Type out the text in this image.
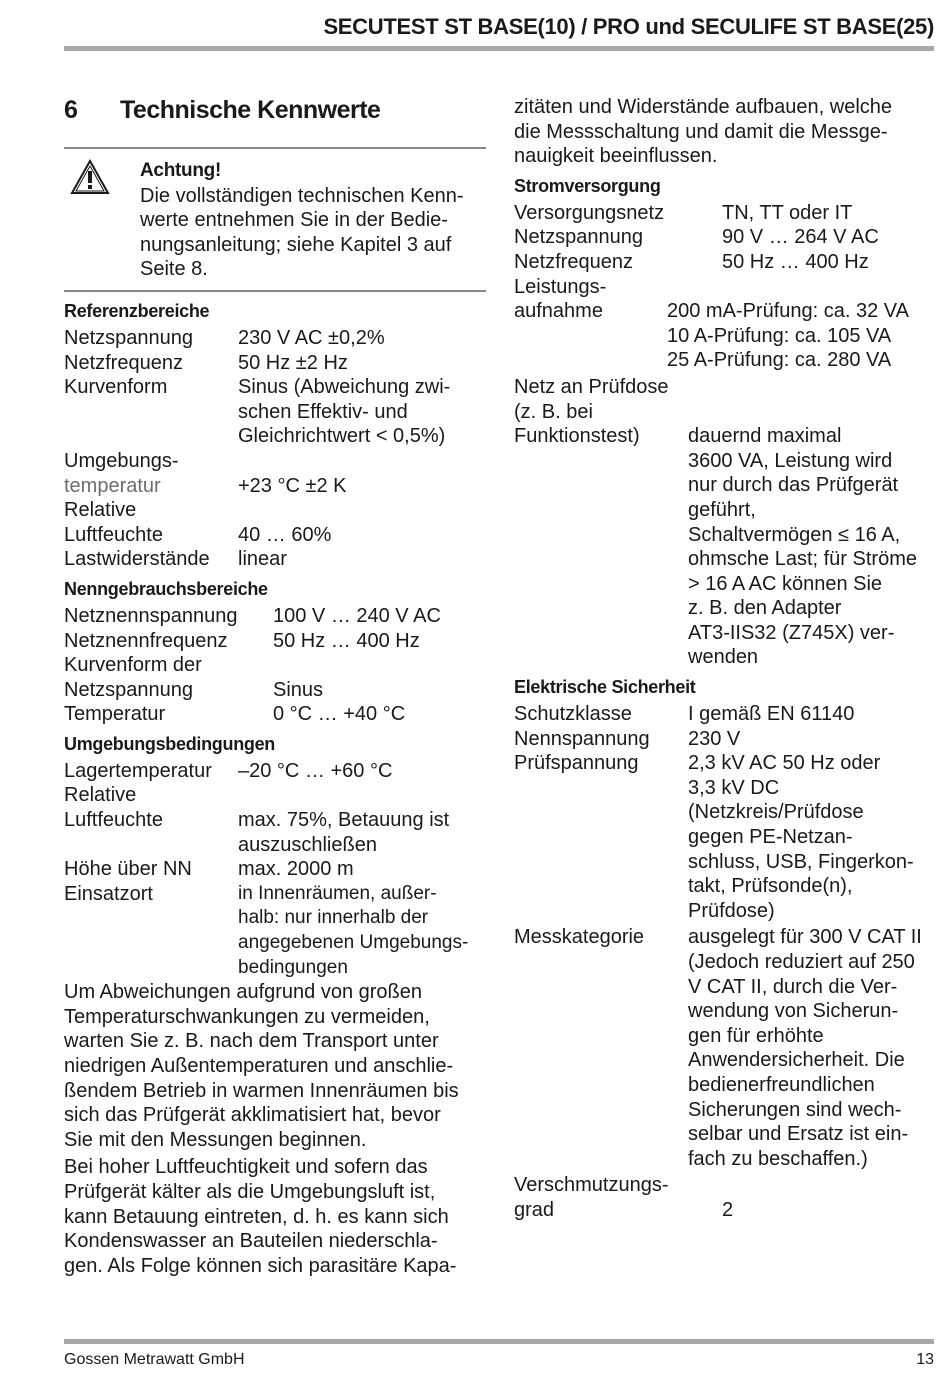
SECUTEST ST BASE(10) / PRO und SECULIFE ST BASE(25)
6	Technische Kennwerte
Achtung!
Die vollständigen technischen Kenn-
werte entnehmen Sie in der Bedie-
nungsanleitung; siehe Kapitel 3 auf
Seite 8.
Referenzbereiche
Netzspannung	230 V AC ±0,2%
Netzfrequenz	50 Hz ±2 Hz
Kurvenform	Sinus (Abweichung zwi-
schen Effektiv- und
Gleichrichtwert < 0,5%)
Umgebungs-
temperatur	+23 °C ±2 K
Relative
Luftfeuchte	40 … 60%
Lastwiderstände	linear
Nenngebrauchsbereiche
Netznennspannung	100 V … 240 V AC
Netznennfrequenz	50 Hz … 400 Hz
Kurvenform der
Netzspannung	Sinus
Temperatur	0 °C … +40 °C
Umgebungsbedingungen
Lagertemperatur	–20 °C … +60 °C
Relative
Luftfeuchte	max. 75%, Betauung ist
auszuschließen
Höhe über NN	max. 2000 m
Einsatzort	in Innenräumen, außer-
halb: nur innerhalb der
angegebenen Umgebungs-
bedingungen

Um Abweichungen aufgrund von großen
Temperaturschwankungen zu vermeiden,
warten Sie z. B. nach dem Transport unter
niedrigen Außentemperaturen und anschlie-
ßendem Betrieb in warmen Innenräumen bis
sich das Prüfgerät akklimatisiert hat, bevor
Sie mit den Messungen beginnen.

Bei hoher Luftfeuchtigkeit und sofern das
Prüfgerät kälter als die Umgebungsluft ist,
kann Betauung eintreten, d. h. es kann sich
Kondenswasser an Bauteilen niederschla-
gen. Als Folge können sich parasitäre Kapa-

zitäten und Widerstände aufbauen, welche
die Messschaltung und damit die Messge-
nauigkeit beeinflussen.

Stromversorgung
Versorgungsnetz	TN, TT oder IT
Netzspannung	90 V … 264 V AC
Netzfrequenz	50 Hz … 400 Hz
Leistungs-
aufnahme	200 mA-Prüfung: ca. 32 VA
10 A-Prüfung: ca. 105 VA
25 A-Prüfung: ca. 280 VA
Netz an Prüfdose
(z. B. bei
Funktionstest)	dauernd maximal
3600 VA, Leistung wird
nur durch das Prüfgerät
geführt,
Schaltvermögen ≤ 16 A,
ohmsche Last; für Ströme
> 16 A AC können Sie
z. B. den Adapter
AT3-IIS32 (Z745X) ver-
wenden
Elektrische Sicherheit
Schutzklasse	I gemäß EN 61140
Nennspannung	230 V
Prüfspannung	2,3 kV AC 50 Hz oder
3,3 kV DC
(Netzkreis/Prüfdose
gegen PE-Netzan-
schluss, USB, Fingerkon-
takt, Prüfsonde(n),
Prüfdose)
Messkategorie	ausgelegt für 300 V CAT II
(Jedoch reduziert auf 250
V CAT II, durch die Ver-
wendung von Sicherun-
gen für erhöhte
Anwendersicherheit. Die
bedienerfreundlichen
Sicherungen sind wech-
selbar und Ersatz ist ein-
fach zu beschaffen.)
Verschmutzungs-
grad	2
Gossen Metrawatt GmbH	13
